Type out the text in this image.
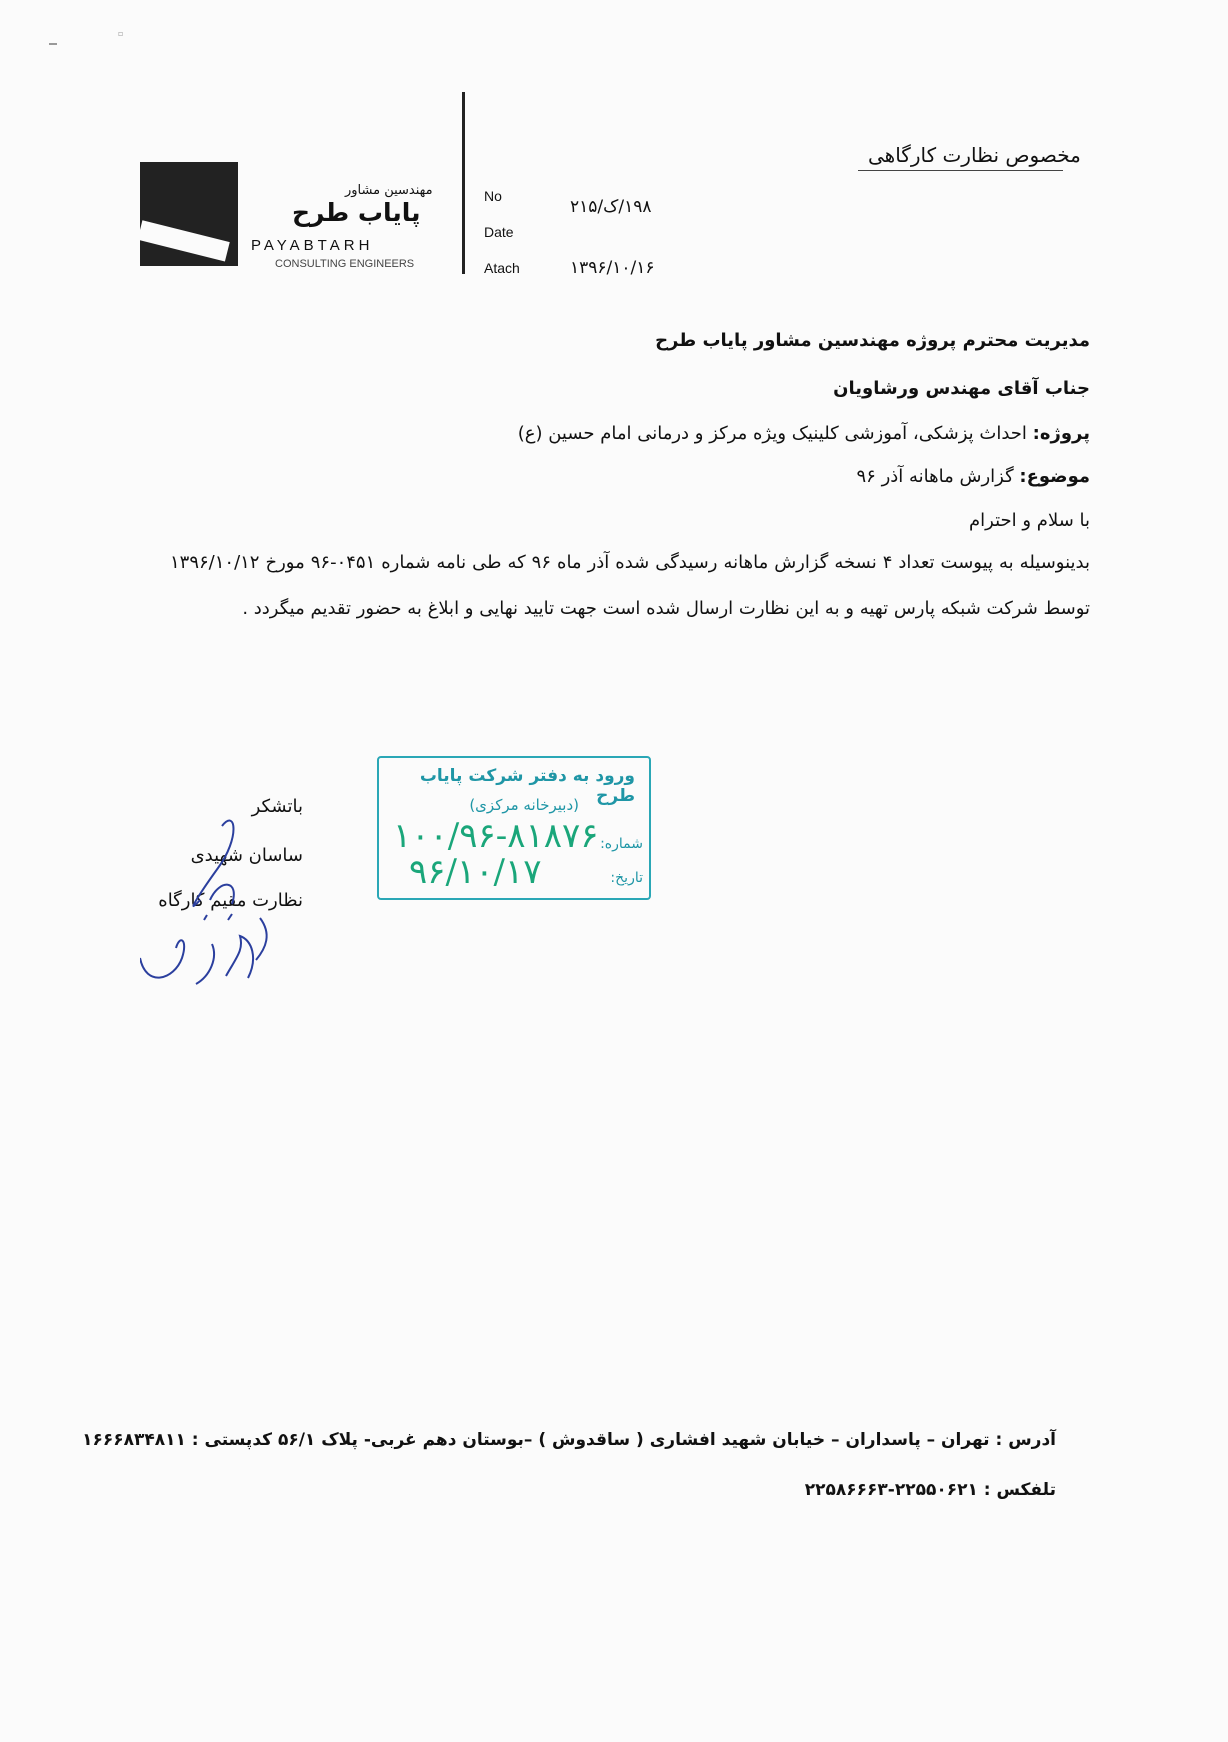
▫
مهندسین مشاور
پایاب طرح
PAYABTARH
CONSULTING ENGINEERS
No
Date
Atach
۱۹۸/ک/۲۱۵
۱۳۹۶/۱۰/۱۶
مخصوص نظارت کارگاهی
مدیریت محترم پروژه مهندسین مشاور پایاب طرح
جناب آقای مهندس ورشاویان
پروژه: احداث پزشکی، آموزشی کلینیک ویژه مرکز و درمانی امام حسین (ع)
موضوع: گزارش ماهانه آذر ۹۶
با سلام و احترام
بدینوسیله به پیوست تعداد ۴ نسخه گزارش ماهانه رسیدگی شده آذر ماه ۹۶ که طی نامه شماره ۰۴۵۱-۹۶ مورخ ۱۳۹۶/۱۰/۱۲ توسط شرکت شبکه پارس تهیه و به این نظارت ارسال شده است جهت تایید نهایی و ابلاغ به حضور تقدیم میگردد .
ورود به دفتر شرکت پایاب طرح
(دبیرخانه مرکزی)
شماره:
تاریخ:
۱۰۰/۹۶-۸۱۸۷۶
۹۶/۱۰/۱۷
باتشکر
ساسان شهیدی
نظارت مقیم کارگاه
آدرس : تهران – پاسداران – خیابان شهید افشاری ( ساقدوش ) –بوستان دهم غربی- پلاک ۵۶/۱ کدپستی : ۱۶۶۶۸۳۴۸۱۱
تلفکس : ۲۲۵۵۰۶۲۱-۲۲۵۸۶۶۶۳
